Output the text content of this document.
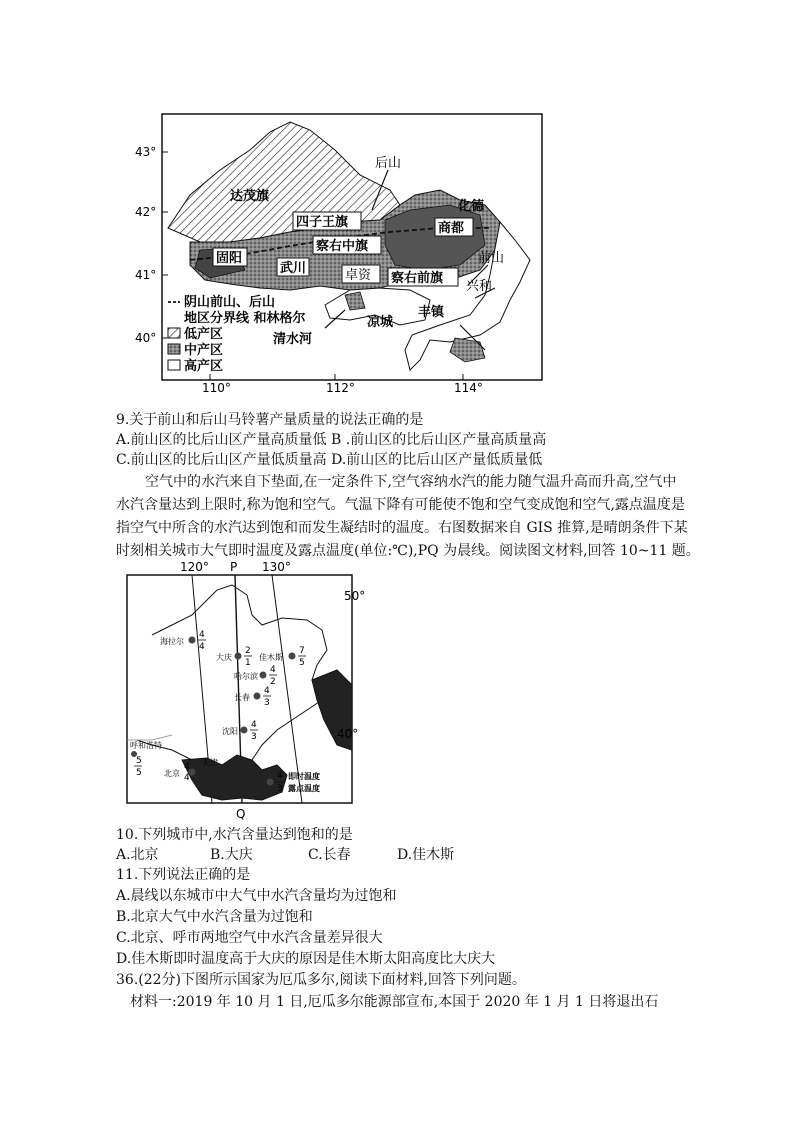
43°
42°
41°
40°
110°	112°	114°
后山
达茂旗
化德
四子王旗	商都
察右中旗
固阳
武川	卓资 察右前旗
前山
兴和
丰镇
凉城
清水河
阴山前山、后山
地区分界线 和林格尔
低产区
中产区
高产区
9.关于前山和后山马铃薯产量质量的说法正确的是
A.前山区的比后山区产量高质量低 B .前山区的比后山区产量高质量高
C.前山区的比后山区产量低质量高 D.前山区的比后山区产量低质量低
空气中的水汽来自下垫面,在一定条件下,空气容纳水汽的能力随气温升高而升高,空气中
水汽含量达到上限时,称为饱和空气。气温下降有可能使不饱和空气变成饱和空气,露点温度是
指空气中所含的水汽达到饱和而发生凝结时的温度。右图数据来自 GIS 推算,是晴朗条件下某
时刻相关城市大气即时温度及露点温度(单位:℃),PQ 为晨线。阅读图文材料,回答 10~11 题。
120° P 130°
50°
40°
Q
海拉尔
4
4
大庆
2
1
佳木斯
7
5
哈尔滨
4
2
长春
4
3
沈阳
4
3
呼和浩特
5
5
天津
北京
4
4	4
3
即时温度
露点温度
10.下列城市中,水汽含量达到饱和的是
A.北京	B.大庆	C.长春	D.佳木斯
11.下列说法正确的是
A.晨线以东城市中大气中水汽含量均为过饱和
B.北京大气中水汽含量为过饱和
C.北京、呼市两地空气中水汽含量差异很大
D.佳木斯即时温度高于大庆的原因是佳木斯太阳高度比大庆大
36.(22分)下图所示国家为厄瓜多尔,阅读下面材料,回答下列问题。
材料一:2019 年 10 月 1 日,厄瓜多尔能源部宣布,本国于 2020 年 1 月 1 日将退出石
